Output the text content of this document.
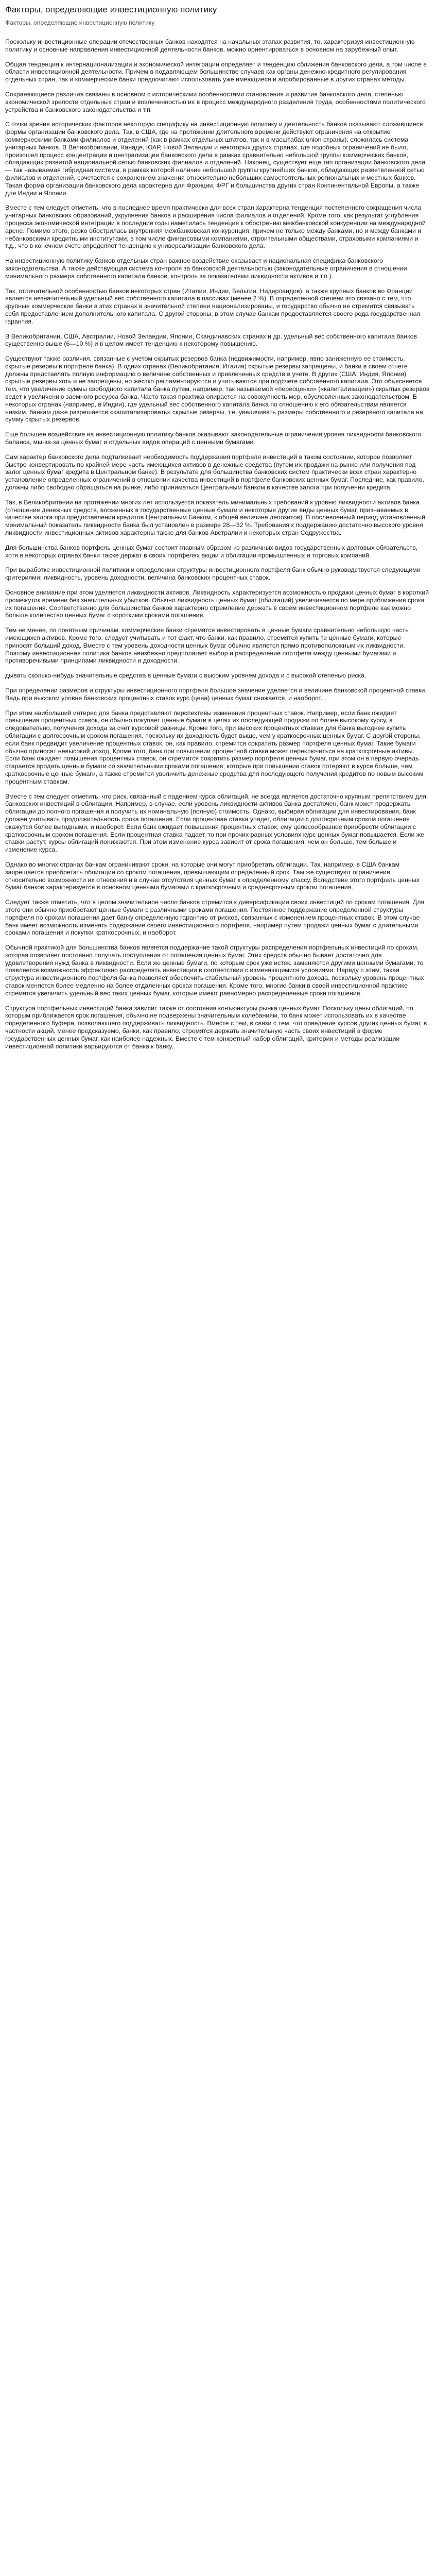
Факторы, определяющие инвестиционную политику
Факторы, определяющие инвестиционную политику

Поскольку инвестиционные операции отечественных банков находятся на начальных этапах развития, то, характеризуя инвестиционную политику и основные направления инвестиционной деятельности банков, можно ориентироваться в основном на зарубежный опыт.

Общая тенденция к интернационализации и экономической интеграции определяет и тенденцию сближения банковского дела, а том числе в области инвестиционной деятельности. Причем в подавляющем большинстве случаев как органы денежно-кредитного регулирования отдельных стран, так и коммерческие банки предпочитают использовать уже имеющиеся и апробированные в других странах методы.

Сохраняющиеся различия связаны в основном с историческими особенностями становления и развития банковского дела, степенью экономической зрелости отдельных стран и вовлеченностью их в процесс международного разделения труда, особенностями политического устройства и банковского законодательства и т.п.

С точки зрения исторических факторов некоторую специфику на инвестиционную политику и деятельность банков оказывают сложившиеся формы организации банковского дела. Так, в США, где на протяжении длительного времени действуют ограничения на открытие коммерческими банками филиалов и отделений (как в рамках отдельных штатов, так и в масштабах union страны), сложилась система унитарных банков. В Великобритании, Канаде, ЮАР, Новой Зеландии и некоторых других странах, где подобных ограничений не было, произошел процесс концентрации и централизации банковского дела в рамках сравнительно небольшой группы коммерческих банков, обладающих развитой национальной сетью банковских филиалов и отделений. Наконец, существует еще тип организации банковского дела — так называемая гибридная система, в рамках которой наличие небольшой группы крупнейших банков, обладающих разветвленной сетью филиалов и отделений, сочетается с сохранением значения относительно небольших самостоятельных региональных и местных банков. Такая форма организации банковского дела характерна для Франции, ФРГ и большинства других стран Континентальной Европы, а также для Индии и Японии.

Вместе с тем следует отметить, что в последнее время практически для всех стран характерна тенденция постепенного сокращения числа унитарных банковских образований, укрупнения банков и расширения числа филиалов и отделений. Кроме того, как результат углубления процесса экономической интеграции в последние годы наметилась тенденция к обострению межбанковской конкуренции на международной арене. Помимо этого, резко обострилась внутренняя межбанковская конкуренция, причем не только между банками, но и между банками и небанковскими кредитными институтами, в том числе финансовыми компаниями, строительными обществами, страховыми компаниями и т.д., что в конечном счете определяет тенденцию к универсализации банковского дела.

На инвестиционную политику банков отдельных стран важное воздействие оказывает и национальная специфика банковского законодательства. А также действующая система контроля за банковской деятельностью (законодательные ограничения в отношении минимального размера собственного капитала банков, контроль за показателями ликвидности активов и т.п.).

Так, отличительной особенностью банков некоторых стран (Италии, Индии, Бельгии, Нидерландов), а также крупных банков во Франции является незначительный удельный вес собственного капитала в пассивах (менее 2 %). В определенной степени это связано с тем, что крупные коммерческие банки в этих странах в значительной степени национализированы, и государство обычно не стремится связывать себя предоставлением дополнительного капитала. С другой стороны, в этом случае банкам предоставляется своего рода государственная гарантия.

В Великобритании, США, Австралии, Новой Зеландии, Японии, Скандинавских странах и др. удельный вес собственного капитала банков существенно выше (6—10 %) и в целом имеет тенденцию к некоторому повышению.

Существуют также различия, связанные с учетом скрытых резервов банка (недвижимости, например, явно заниженную ее стоимость, скрытые резервы в портфеле банка). В одних странах (Великобритания, Италия) скрытые резервы запрещены, и банки в своем отчете должны представлять полную информацию о величине собственных и привлеченных средств в учете. В других (США, Индия, Япония) скрытые резервы хоть и не запрещены, но жестко регламентируются и учитываются при подсчете собственного капитала. Это объясняется тем, что увеличение суммы свободного капитала банка путем, например, так называемой «переоценки» («капитализации») скрытых резервов ведет к увеличению заемного ресурса банка. Часто такая практика опирается на совокупность мер, обусловленных законодательством. В некоторых странах (например, в Индии), где удельный вес собственного капитала банка по отношению к его обязательствам является низким, банкам даже разрешается «капитализировать» скрытые резервы, т.е. увеличивать размеры собственного и резервного капитала на сумму скрытых резервов.

Еще большее воздействие на инвестиционную политику банков оказывают законодательные ограничения уровня ликвидности банковского баланса, мы-за-за ценных бумаг и отдельных видов операций с ценными бумагами.

Сам характер банковского дела подталкивает необходимость поддержания портфеля инвестиций в таком состоянии, которое позволяет быстро конвертировать по крайней мере часть имеющихся активов в денежные средства (путем их продажи на рынке или получения под залог ценных бумаг кредита в Центральном банке). В результате для большинства банковских систем практически всех стран характерно установление определенных ограничений в отношении качества инвестиций в портфеле банковских ценных бумаг. Последние, как правило, должны либо свободно обращаться на рынке, либо приниматься Центральным банком в качестве залога при получении кредита.

Так, в Великобритании на протяжении многих лет используется показатель минимальных требований к уровню ликвидности активов банка (отношение денежных средств, вложенных в государственные ценные бумаги и некоторые другие виды ценных бумаг, признаваемых в качестве залога при предоставлении кредитов Центральным Банком, к общей величине депозитов). В послевоенный период установленный минимальный показатель ликвидности банка был установлен в размере 28—32 %. Требования к поддержанию достаточно высокого уровня ликвидности инвестиционных активов характерны также для банков Австралии и некоторых стран Содружества.

Для большинства банков портфель ценных бумаг состоит главным образом из различных видов государственных долговых обязательств, хотя в некоторых странах банки также держат в своих портфелях акции и облигации промышленных и торговых компаний.

При выработке инвестиционной политики и определении структуры инвестиционного портфеля банк обычно руководствуется следующими критериями: ликвидность, уровень доходности, величина банковских процентных ставок.

Основное внимание при этом уделяется ликвидности активов. Ликвидность характеризуется возможностью продажи ценных бумаг в короткий промежуток времени без значительных убытков. Обычно ликвидность ценных бумаг (облигаций) увеличивается по мере приближения срока их погашения. Соответственно для большинства банков характерно стремление держать в своем инвестиционном портфеле как можно больше количество ценных бумаг с короткими сроками погашения.

Тем не менее, по понятным причинам, коммерческие банки стремятся инвестировать в ценные бумаги сравнительно небольшую часть имеющихся активов. Кроме того, следует учитывать и тот факт, что банки, как правило, стремятся купить те ценные бумаги, которые приносят больший доход. Вместе с тем уровень доходности ценных бумаг обычно является прямо противоположным их ликвидности. Поэтому инвестиционная политика банков неизбежно предполагает выбор и распределение портфеля между ценными бумагами и противоречивыми принципами ликвидности и доходности.

дывать сколько-нибудь значительные средства в ценные бумаги с высоким уровнем дохода и с высокой степенью риска.

При определении размеров и структуры инвестиционного портфеля большое значение уделяется и величине банковской процентной ставки. Ведь при высоком уровне банковских процентных ставок курс (цена) ценных бумаг снижается, и наоборот.

При этом наибольший интерес для банка представляют перспективы изменения процентных ставок. Например, если банк ожидает повышения процентных ставок, он обычно покупает ценные бумаги в целях их последующей продажи по более высокому курсу, а следовательно, получения дохода за счет курсовой разницы. Кроме того, при высоких процентных ставках для банка выгоднее купить облигации с долгосрочным сроком погашения, поскольку их доходность будет выше, чем у краткосрочных ценных бумаг. С другой стороны, если банк предвидит увеличение процентных ставок, он, как правило, стремится сократить размер портфеля ценных бумаг. Такие бумаги обычно приносят невысокий доход. Кроме того, банк при повышении процентной ставки может переключиться на краткосрочные активы. Если банк ожидает повышения процентных ставок, он стремится сократить размер портфеля ценных бумаг, при этом он в первую очередь старается продать ценные бумаги со значительными сроками погашения, которые при повышении ставок потеряют в курсе больше, чем краткосрочные ценные бумаги, а также стремится увеличить денежные средства для последующего получения кредитов по новым высоким процентным ставкам.

Вместе с тем следует отметить, что риск, связанный с падением курса облигаций, не всегда является достаточно крупным препятствием для банковских инвестиций в облигации. Например, в случае, если уровень ликвидности активов банка достаточен, банк может продержать облигации до полного погашения и получить их номинальную (полную) стоимость. Однако, выбирая облигации для инвестирования, банк должен учитывать продолжительность срока погашения. Если процентная ставка упадет, облигации с долгосрочным сроком погашения окажутся более выгодными, и наоборот. Если банк ожидает повышения процентных ставок, ему целесообразнее приобрести облигации с краткосрочным сроком погашения. Если процентная ставка падает, то при прочих равных условиях курс ценных бумаг повышается. Если же ставки растут, курсы облигаций понижаются. При этом изменение курса зависит от срока погашения: чем он больше, тем больше и изменение курса.

Однако во многих странах банкам ограничивают сроки, на которые они могут приобретать облигации. Так, например, в США банкам запрещается приобретать облигации со сроком погашения, превышающим определенный срок. Там же существуют ограничения относительно возможности их отнесения и в случае отсутствия ценных бумаг к определенному классу. Вследствие этого портфель ценных бумаг банков характеризуется в основном ценными бумагами с краткосрочным и среднесрочным сроком погашения.

Следует также отметить, что в целом значительное число банков стремится к диверсификации своих инвестиций по срокам погашения. Для этого они обычно приобретают ценные бумаги с различными сроками погашения. Постоянное поддержание определенной структуры портфеля по срокам погашения дает банку определенную гарантию от рисков, связанных с изменением процентных ставок. В этом случае банк имеет возможность изменять содержание своего инвестиционного портфеля, например путем продажи ценных бумаг с длительными сроками погашения и покупки краткосрочных, и наоборот.

Обычной практикой для большинства банков является поддержание такой структуры распределения портфельных инвестиций по срокам, которая позволяет постоянно получать поступления от погашения ценных бумаг. Этих средств обычно бывает достаточно для удовлетворения нужд банка в ликвидности. Если же ценные бумаги, по которым срок уже истек, заменяются другими ценными бумагами, то появляется возможность эффективно распределять инвестиции в соответствии с изменяющимися условиями. Наряду с этим, такая структура инвестиционного портфеля банка позволяет обеспечить стабильный уровень процентного дохода, поскольку уровень процентных ставок меняется более медленно на более отдаленных сроках погашения. Кроме того, многие банки в своей инвестиционной практике стремятся увеличить удельный вес таких ценных бумаг, которые имеют равномерно распределенные сроки погашения.

Структура портфельных инвестиций банка зависит также от состояния конъюнктуры рынка ценных бумаг. Поскольку цены облигаций, по которым приближается срок погашения, обычно не подвержены значительным колебаниям, то банк может использовать их в качестве определенного буфера, позволяющего поддерживать ликвидность. Вместе с тем, в связи с тем, что поведение курсов других ценных бумаг, в частности акций, менее предсказуемо, банки, как правило, стремятся держать значительную часть своих инвестиций в форме государственных ценных бумаг, как наиболее надежных. Вместе с тем конкретный набор облигаций, критерии и методы реализации инвестиционной политики варьируются от банка к банку.
